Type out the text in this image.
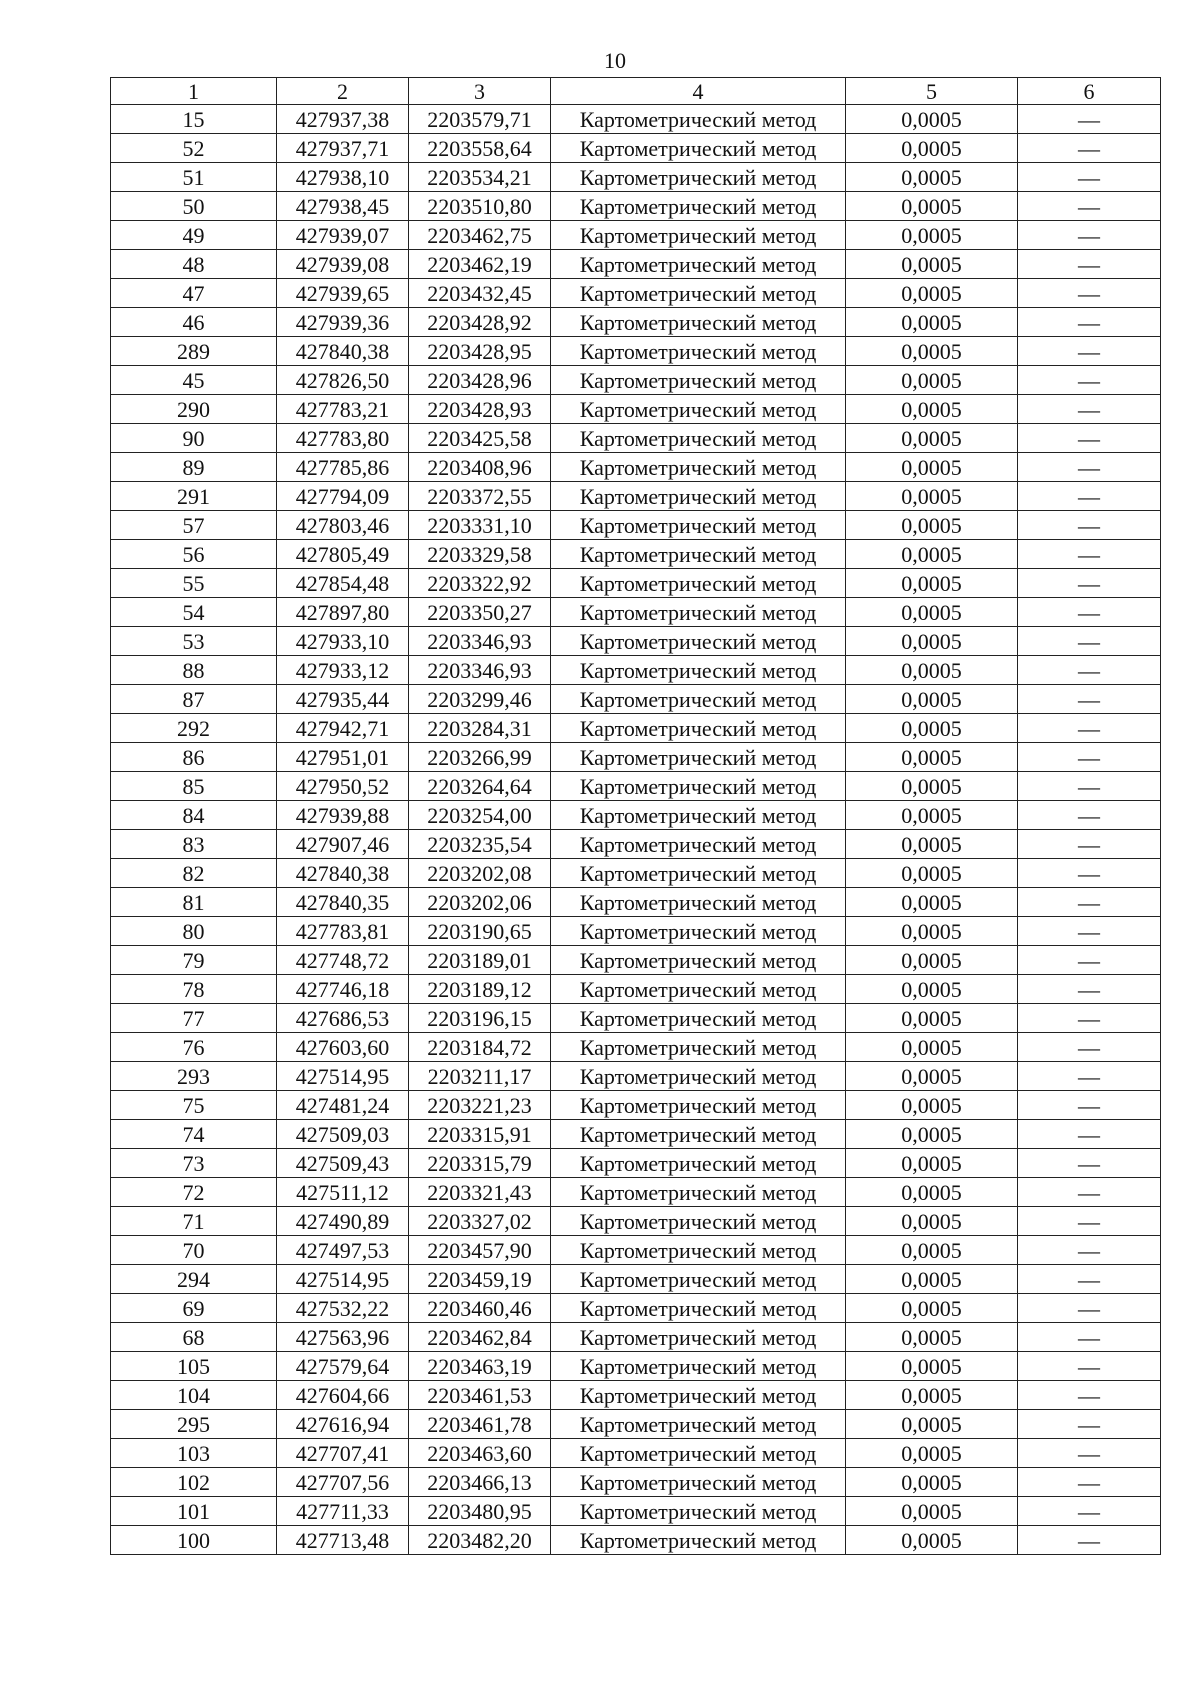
10
1	2	3	4	5	6
15	427937,38	2203579,71	Картометрический метод	0,0005	—
52	427937,71	2203558,64	Картометрический метод	0,0005	—
51	427938,10	2203534,21	Картометрический метод	0,0005	—
50	427938,45	2203510,80	Картометрический метод	0,0005	—
49	427939,07	2203462,75	Картометрический метод	0,0005	—
48	427939,08	2203462,19	Картометрический метод	0,0005	—
47	427939,65	2203432,45	Картометрический метод	0,0005	—
46	427939,36	2203428,92	Картометрический метод	0,0005	—
289	427840,38	2203428,95	Картометрический метод	0,0005	—
45	427826,50	2203428,96	Картометрический метод	0,0005	—
290	427783,21	2203428,93	Картометрический метод	0,0005	—
90	427783,80	2203425,58	Картометрический метод	0,0005	—
89	427785,86	2203408,96	Картометрический метод	0,0005	—
291	427794,09	2203372,55	Картометрический метод	0,0005	—
57	427803,46	2203331,10	Картометрический метод	0,0005	—
56	427805,49	2203329,58	Картометрический метод	0,0005	—
55	427854,48	2203322,92	Картометрический метод	0,0005	—
54	427897,80	2203350,27	Картометрический метод	0,0005	—
53	427933,10	2203346,93	Картометрический метод	0,0005	—
88	427933,12	2203346,93	Картометрический метод	0,0005	—
87	427935,44	2203299,46	Картометрический метод	0,0005	—
292	427942,71	2203284,31	Картометрический метод	0,0005	—
86	427951,01	2203266,99	Картометрический метод	0,0005	—
85	427950,52	2203264,64	Картометрический метод	0,0005	—
84	427939,88	2203254,00	Картометрический метод	0,0005	—
83	427907,46	2203235,54	Картометрический метод	0,0005	—
82	427840,38	2203202,08	Картометрический метод	0,0005	—
81	427840,35	2203202,06	Картометрический метод	0,0005	—
80	427783,81	2203190,65	Картометрический метод	0,0005	—
79	427748,72	2203189,01	Картометрический метод	0,0005	—
78	427746,18	2203189,12	Картометрический метод	0,0005	—
77	427686,53	2203196,15	Картометрический метод	0,0005	—
76	427603,60	2203184,72	Картометрический метод	0,0005	—
293	427514,95	2203211,17	Картометрический метод	0,0005	—
75	427481,24	2203221,23	Картометрический метод	0,0005	—
74	427509,03	2203315,91	Картометрический метод	0,0005	—
73	427509,43	2203315,79	Картометрический метод	0,0005	—
72	427511,12	2203321,43	Картометрический метод	0,0005	—
71	427490,89	2203327,02	Картометрический метод	0,0005	—
70	427497,53	2203457,90	Картометрический метод	0,0005	—
294	427514,95	2203459,19	Картометрический метод	0,0005	—
69	427532,22	2203460,46	Картометрический метод	0,0005	—
68	427563,96	2203462,84	Картометрический метод	0,0005	—
105	427579,64	2203463,19	Картометрический метод	0,0005	—
104	427604,66	2203461,53	Картометрический метод	0,0005	—
295	427616,94	2203461,78	Картометрический метод	0,0005	—
103	427707,41	2203463,60	Картометрический метод	0,0005	—
102	427707,56	2203466,13	Картометрический метод	0,0005	—
101	427711,33	2203480,95	Картометрический метод	0,0005	—
100	427713,48	2203482,20	Картометрический метод	0,0005	—
